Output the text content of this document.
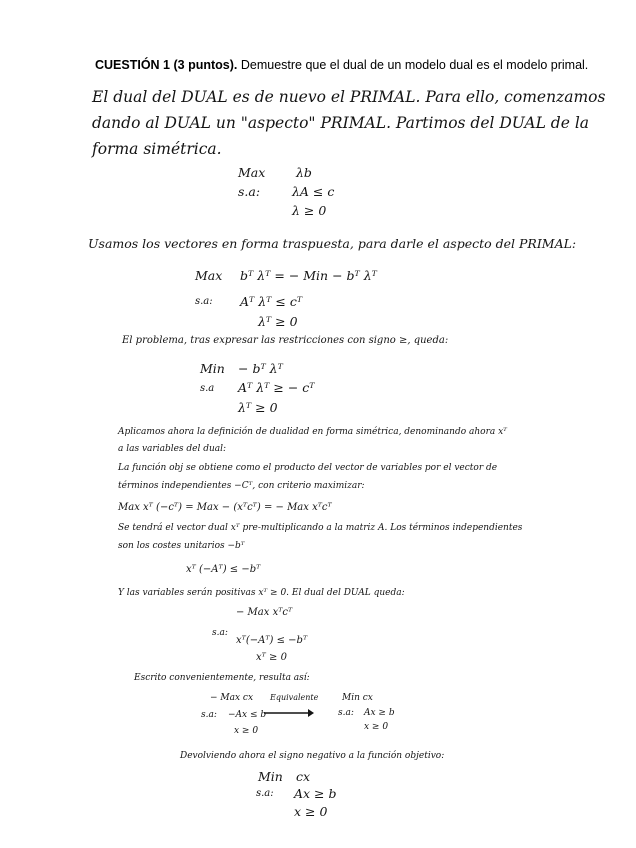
CUESTIÓN 1 (3 puntos). Demuestre que el dual de un modelo dual es el modelo primal.
El dual del DUAL es de nuevo el PRIMAL. Para ello, comenzamos
dando al DUAL un "aspecto" PRIMAL. Partimos del DUAL de la
forma simétrica.
Max λb
s.a:	λA ≤ c
λ ≥ 0
Usamos los vectores en forma traspuesta, para darle el aspecto del PRIMAL:
Max bᵀ λᵀ = − Min − bᵀ λᵀ
s.a: Aᵀ λᵀ ≤ cᵀ
λᵀ ≥ 0
El problema, tras expresar las restricciones con signo ≥, queda:
Min − bᵀ λᵀ
s.a Aᵀ λᵀ ≥ − cᵀ
λᵀ ≥ 0
Aplicamos ahora la definición de dualidad en forma simétrica, denominando ahora xᵀ
a las variables del dual:
La función obj se obtiene como el producto del vector de variables por el vector de
términos independientes −Cᵀ, con criterio maximizar:
Max xᵀ (−cᵀ) = Max − (xᵀcᵀ) = − Max xᵀcᵀ
Se tendrá el vector dual xᵀ pre-multiplicando a la matriz A. Los términos independientes
son los costes unitarios −bᵀ
xᵀ (−Aᵀ) ≤ −bᵀ
Y las variables serán positivas xᵀ ≥ 0. El dual del DUAL queda:
− Max xᵀcᵀ
s.a:
xᵀ(−Aᵀ) ≤ −bᵀ
xᵀ ≥ 0
Escrito convenientemente, resulta así:
− Max cx
s.a: −Ax ≤ b
x ≥ 0
Equivalente	Min cx
s.a: Ax ≥ b
x ≥ 0
Devolviendo ahora el signo negativo a la función objetivo:
Min cx
s.a: Ax ≥ b
x ≥ 0
